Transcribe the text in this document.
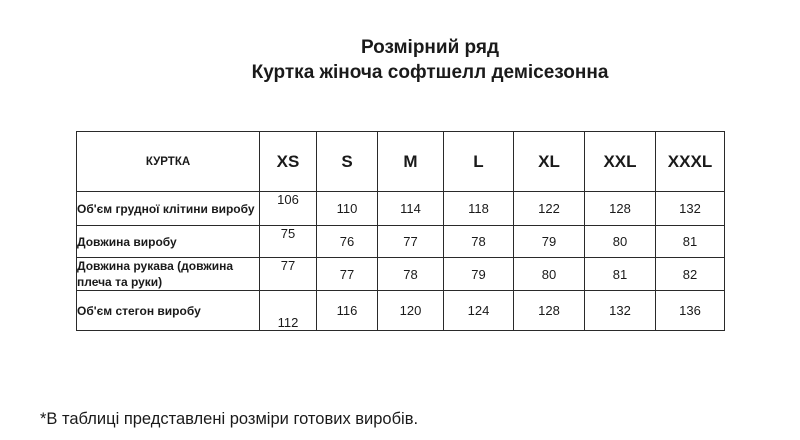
Розмірний ряд
Куртка жіноча софтшелл демісезонна
КУРТКА	XS	S	M	L	XL	XXL	XXXL
Об'єм грудної клітини виробу	106	110	114	118	122	128	132
Довжина виробу	75	76	77	78	79	80	81
Довжина рукава (довжина плеча та руки)	77	77	78	79	80	81	82
Об'єм стегон виробу	112	116	120	124	128	132	136
*В таблиці представлені розміри готових виробів.
